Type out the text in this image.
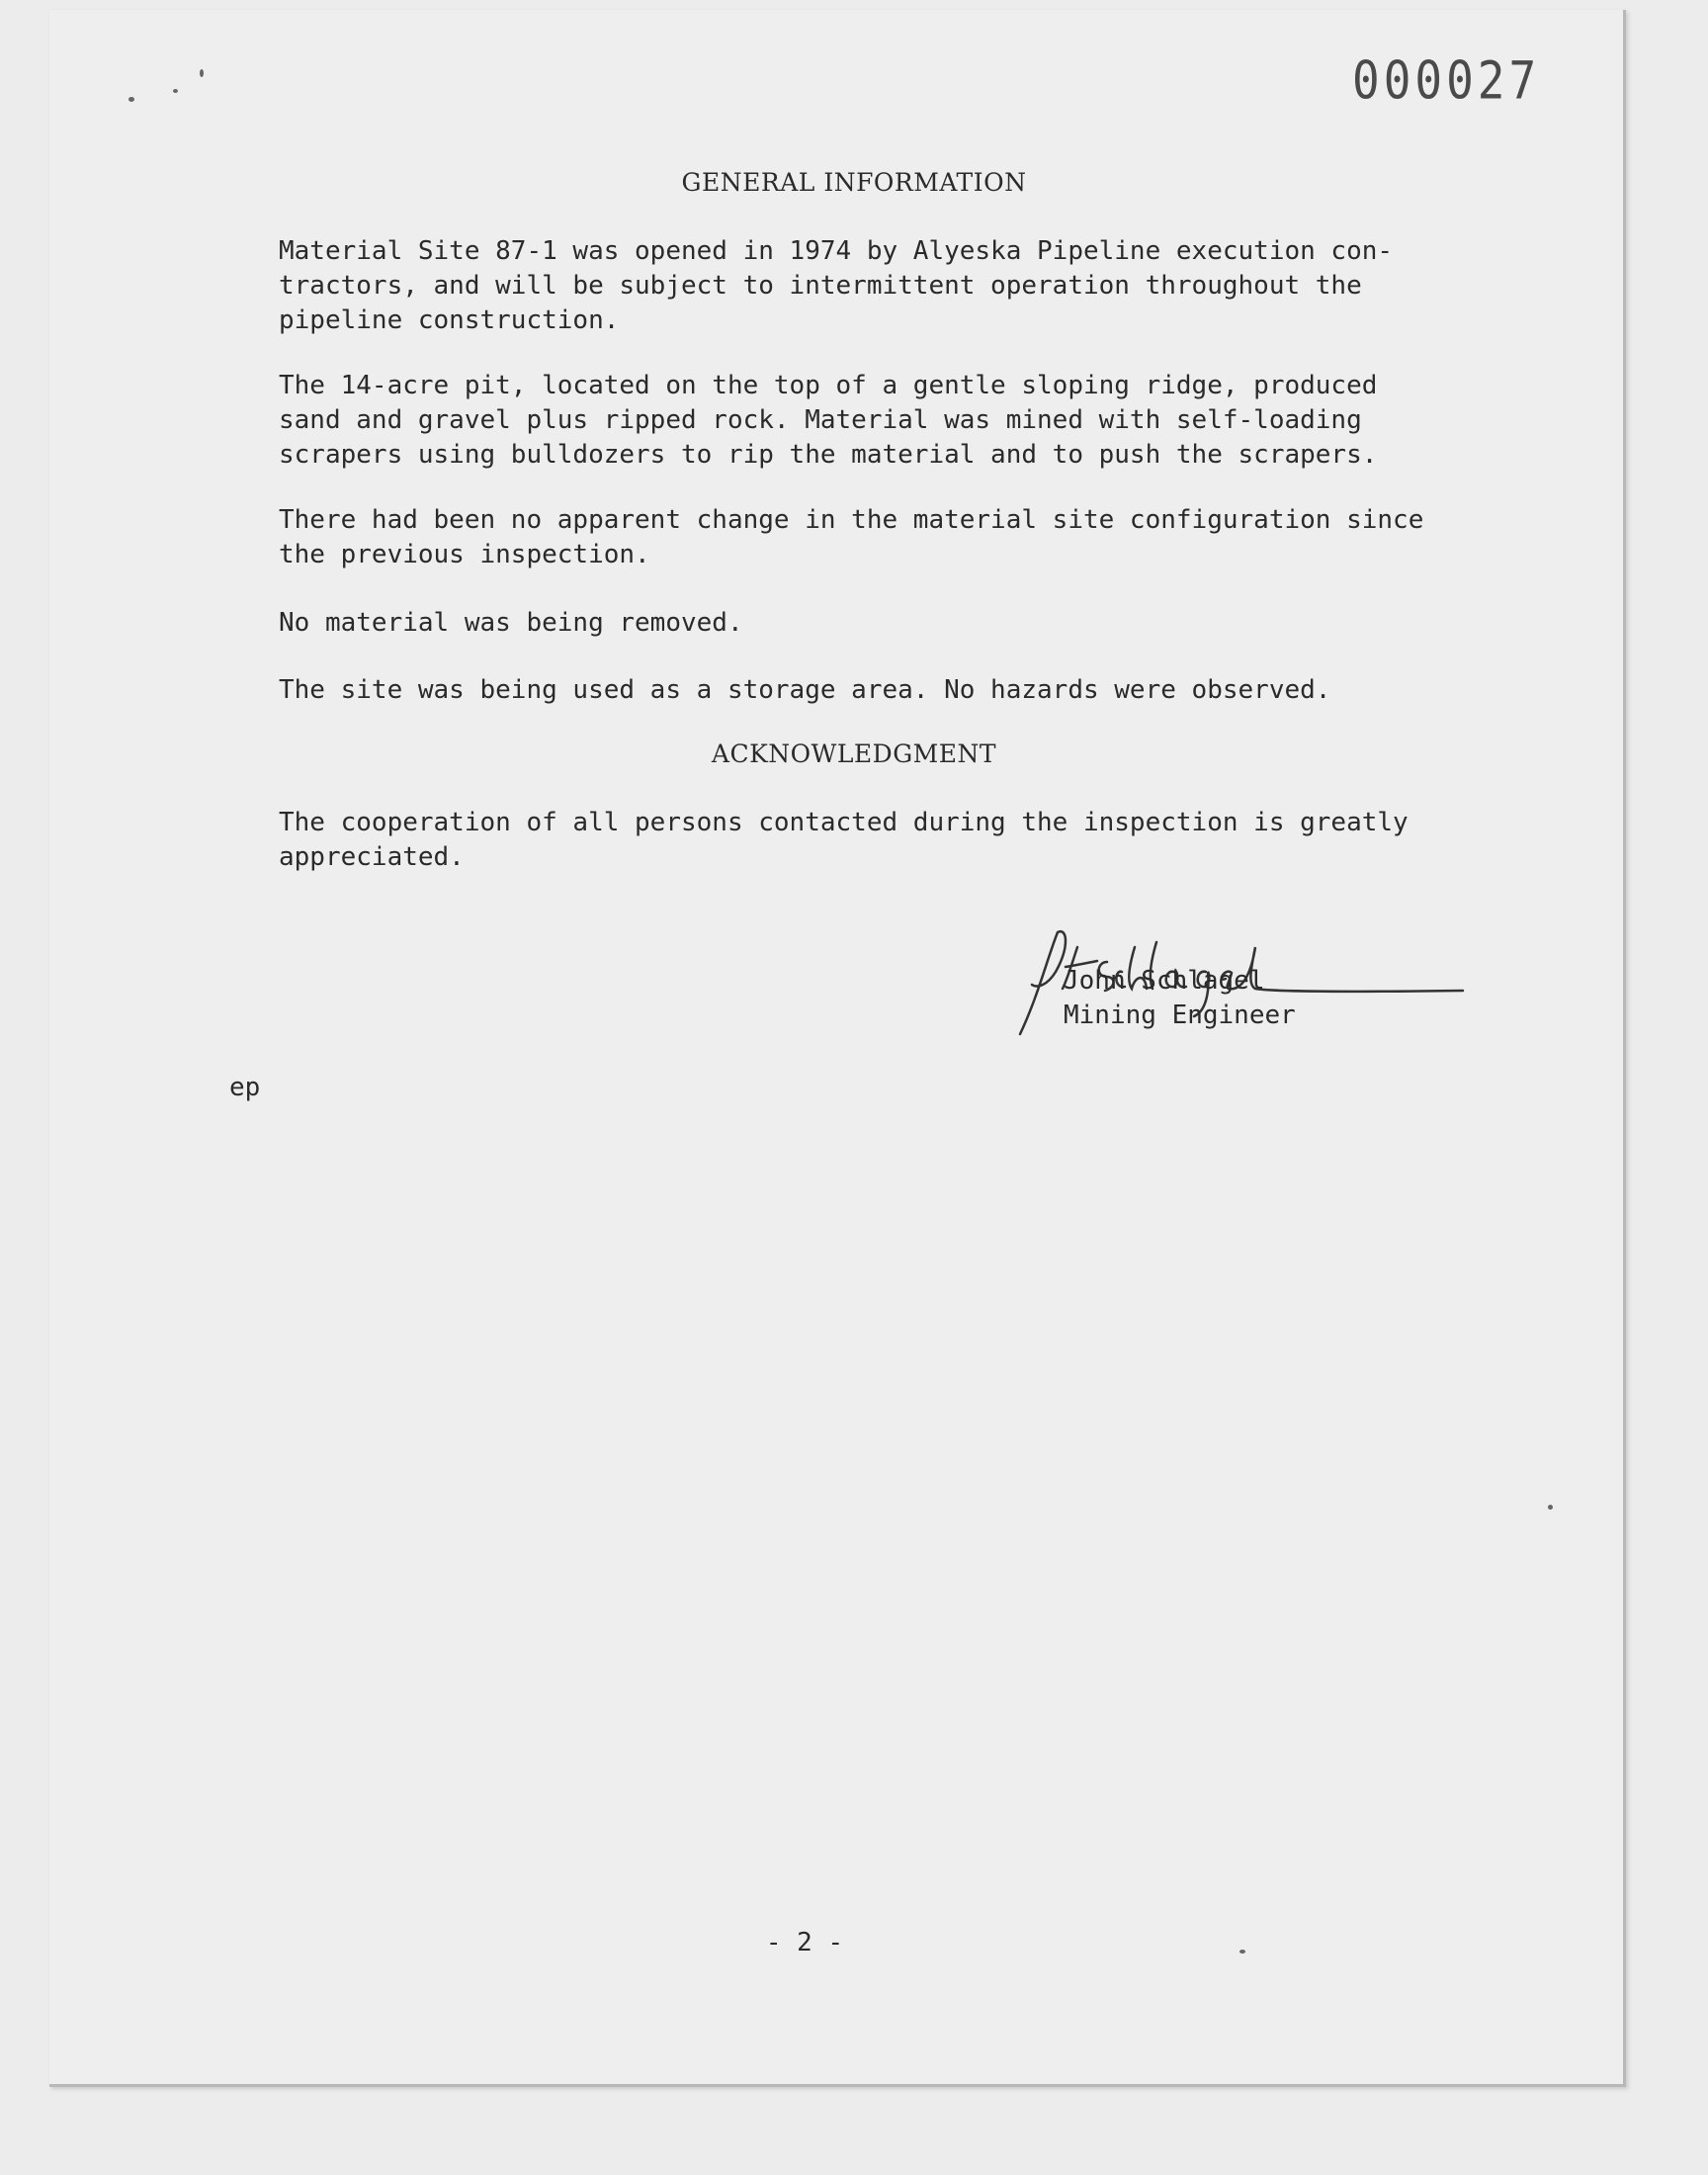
000027
GENERAL INFORMATION
Material Site 87-1 was opened in 1974 by Alyeska Pipeline execution con-
tractors, and will be subject to intermittent operation throughout the
pipeline construction.
The 14-acre pit, located on the top of a gentle sloping ridge, produced
sand and gravel plus ripped rock. Material was mined with self-loading
scrapers using bulldozers to rip the material and to push the scrapers.
There had been no apparent change in the material site configuration since
the previous inspection.
No material was being removed.
The site was being used as a storage area. No hazards were observed.
ACKNOWLEDGMENT
The cooperation of all persons contacted during the inspection is greatly
appreciated.
John Schlagel
Mining Engineer
ep
- 2 -
